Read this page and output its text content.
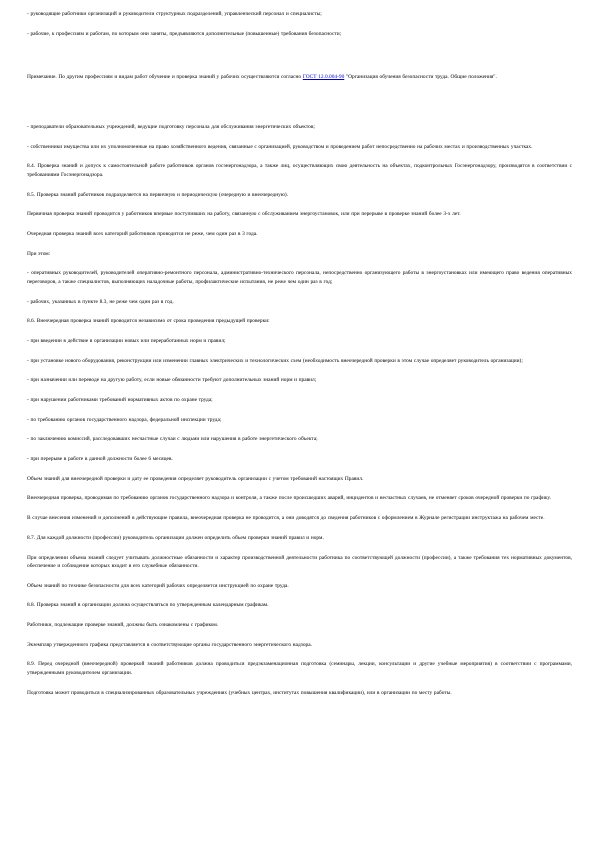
- руководящие работники организаций и руководители структурных подразделений, управленческий персонал и специалисты;

- рабочие, к профессиям и работам, по которым они заняты, предъявляются дополнительные (повышенные) требования безопасности;

Примечание. По другим профессиям и видам работ обучение и проверка знаний у рабочих осуществляются согласно ГОСТ 12.0.004-90 "Организация обучения безопасности труда. Общие положения".

- преподаватели образовательных учреждений, ведущие подготовку персонала для обслуживания энергетических объектов;

- собственники имущества или их уполномоченные на право хозяйственного ведения, связанные с организацией, руководством и проведением работ непосредственно на рабочих местах и производственных участках.

8.4. Проверка знаний и допуск к самостоятельной работе работников органов госэнергонадзора, а также лиц, осуществляющих свою деятельность на объектах, подконтрольных Госэнергонадзору, производятся в соответствии с требованиями Госэнергонадзора.

8.5. Проверка знаний работников подразделяется на первичную и периодическую (очередную и внеочередную).

Первичная проверка знаний проводится у работников впервые поступивших на работу, связанную с обслуживанием энергоустановок, или при перерыве в проверке знаний более 3-х лет.

Очередная проверка знаний всех категорий работников проводится не реже, чем один раз в 3 года.

При этом:

- оперативных руководителей, руководителей оперативно-ремонтного персонала, административно-технического персонала, непосредственно организующего работы в энергоустановках или имеющего право ведения оперативных переговоров, а также специалистов, выполняющих наладочные работы, профилактические испытания, не реже чем один раз в год;

- рабочих, указанных в пункте 8.3, не реже чем один раз в год.

8.6. Внеочередная проверка знаний проводится независимо от срока проведения предыдущей проверки:

- при введении в действие в организации новых или переработанных норм и правил;

- при установке нового оборудования, реконструкции или изменении главных электрических и технологических схем (необходимость внеочередной проверки в этом случае определяет руководитель организации);

- при назначении или переводе на другую работу, если новые обязанности требуют дополнительных знаний норм и правил;

- при нарушении работниками требований нормативных актов по охране труда;

- по требованию органов государственного надзора, федеральной инспекции труда;

- по заключению комиссий, расследовавших несчастные случаи с людьми или нарушения в работе энергетического объекта;

- при перерыве в работе в данной должности более 6 месяцев.

Объем знаний для внеочередной проверки и дату ее проведения определяет руководитель организации с учетом требований настоящих Правил.

Внеочередная проверка, проводимая по требованию органов государственного надзора и контроля, а также после происшедших аварий, инцидентов и несчастных случаев, не отменяет сроков очередной проверки по графику.

В случае внесения изменений и дополнений в действующие правила, внеочередная проверка не проводится, а они доводятся до сведения работников с оформлением в Журнале регистрации инструктажа на рабочем месте.

8.7. Для каждой должности (профессии) руководитель организации должен определить объем проверки знаний правил и норм.

При определении объема знаний следует учитывать должностные обязанности и характер производственной деятельности работника по соответствующей должности (профессии), а также требования тех нормативных документов, обеспечение и соблюдение которых входит в его служебные обязанности.

Объем знаний по технике безопасности для всех категорий рабочих определяется инструкцией по охране труда.

8.8. Проверка знаний в организации должна осуществляться по утвержденным календарным графикам.

Работники, подлежащие проверке знаний, должны быть ознакомлены с графиком.

Экземпляр утвержденного графика представляется в соответствующие органы государственного энергетического надзора.

8.9. Перед очередной (внеочередной) проверкой знаний работников должна проводиться предэкзаменационная подготовка (семинары, лекции, консультации и другие учебные мероприятия) в соответствии с программами, утвержденными руководителем организации.

Подготовка может проводиться в специализированных образовательных учреждениях (учебных центрах, институтах повышения квалификации), или в организации по месту работы.
